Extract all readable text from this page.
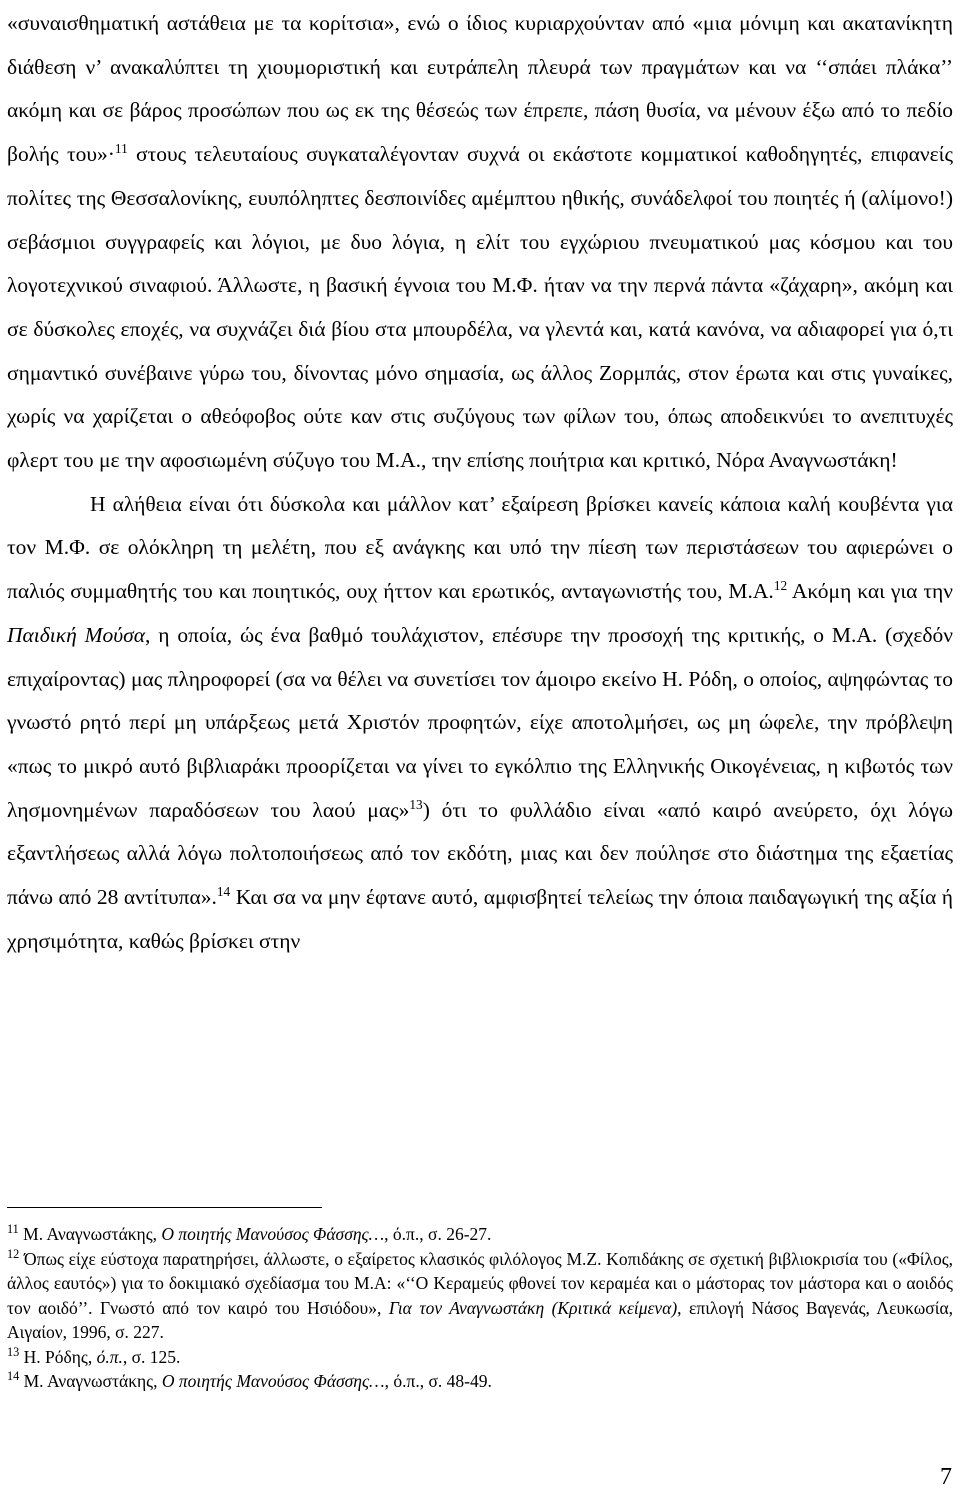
«συναισθηματική αστάθεια με τα κορίτσια», ενώ ο ίδιος κυριαρχούνταν από «μια μόνιμη και ακατανίκητη διάθεση ν’ ανακαλύπτει τη χιουμοριστική και ευτράπελη πλευρά των πραγμάτων και να ‘‘σπάει πλάκα’’ ακόμη και σε βάρος προσώπων που ως εκ της θέσεώς των έπρεπε, πάση θυσία, να μένουν έξω από το πεδίο βολής του»·$^{11}$ στους τελευταίους συγκαταλέγονταν συχνά οι εκάστοτε κομματικοί καθοδηγητές, επιφανείς πολίτες της Θεσσαλονίκης, ευυπόληπτες δεσποινίδες αμέμπτου ηθικής, συνάδελφοί του ποιητές ή (αλίμονο!) σεβάσμιοι συγγραφείς και λόγιοι, με δυο λόγια, η ελίτ του εγχώριου πνευματικού μας κόσμου και του λογοτεχνικού σιναφιού. Άλλωστε, η βασική έγνοια του Μ.Φ. ήταν να την περνά πάντα «ζάχαρη», ακόμη και σε δύσκολες εποχές, να συχνάζει διά βίου στα μπουρδέλα, να γλεντά και, κατά κανόνα, να αδιαφορεί για ό,τι σημαντικό συνέβαινε γύρω του, δίνοντας μόνο σημασία, ως άλλος Ζορμπάς, στον έρωτα και στις γυναίκες, χωρίς να χαρίζεται ο αθεόφοβος ούτε καν στις συζύγους των φίλων του, όπως αποδεικνύει το ανεπιτυχές φλερτ του με την αφοσιωμένη σύζυγο του Μ.Α., την επίσης ποιήτρια και κριτικό, Νόρα Αναγνωστάκη!

Η αλήθεια είναι ότι δύσκολα και μάλλον κατ’ εξαίρεση βρίσκει κανείς κάποια καλή κουβέντα για τον Μ.Φ. σε ολόκληρη τη μελέτη, που εξ ανάγκης και υπό την πίεση των περιστάσεων του αφιερώνει ο παλιός συμμαθητής του και ποιητικός, ουχ ήττον και ερωτικός, ανταγωνιστής του, Μ.Α.$^{12}$ Ακόμη και για την Παιδική Μούσα, η οποία, ώς ένα βαθμό τουλάχιστον, επέσυρε την προσοχή της κριτικής, ο Μ.Α. (σχεδόν επιχαίροντας) μας πληροφορεί (σα να θέλει να συνετίσει τον άμοιρο εκείνο Η. Ρόδη, ο οποίος, αψηφώντας το γνωστό ρητό περί μη υπάρξεως μετά Χριστόν προφητών, είχε αποτολμήσει, ως μη ώφελε, την πρόβλεψη «πως το μικρό αυτό βιβλιαράκι προορίζεται να γίνει το εγκόλπιο της Ελληνικής Οικογένειας, η κιβωτός των λησμονημένων παραδόσεων του λαού μας»$^{13}$) ότι το φυλλάδιο είναι «από καιρό ανεύρετο, όχι λόγω εξαντλήσεως αλλά λόγω πολτοποιήσεως από τον εκδότη, μιας και δεν πούλησε στο διάστημα της εξαετίας πάνω από 28 αντίτυπα».$^{14}$ Και σα να μην έφτανε αυτό, αμφισβητεί τελείως την όποια παιδαγωγική της αξία ή χρησιμότητα, καθώς βρίσκει στην

$^{11}$ Μ. Αναγνωστάκης, Ο ποιητής Μανούσος Φάσσης…, ό.π., σ. 26-27.

$^{12}$ Όπως είχε εύστοχα παρατηρήσει, άλλωστε, ο εξαίρετος κλασικός φιλόλογος Μ.Ζ. Κοπιδάκης σε σχετική βιβλιοκρισία του («Φίλος, άλλος εαυτός») για το δοκιμιακό σχεδίασμα του Μ.Α: «‘‘Ο Κεραμεύς φθονεί τον κεραμέα και ο μάστορας τον μάστορα και ο αοιδός τον αοιδό’’. Γνωστό από τον καιρό του Ησιόδου», Για τον Αναγνωστάκη (Κριτικά κείμενα), επιλογή Νάσος Βαγενάς, Λευκωσία, Αιγαίον, 1996, σ. 227.

$^{13}$ Η. Ρόδης, ό.π., σ. 125.

$^{14}$ Μ. Αναγνωστάκης, Ο ποιητής Μανούσος Φάσσης…, ό.π., σ. 48-49.

7
